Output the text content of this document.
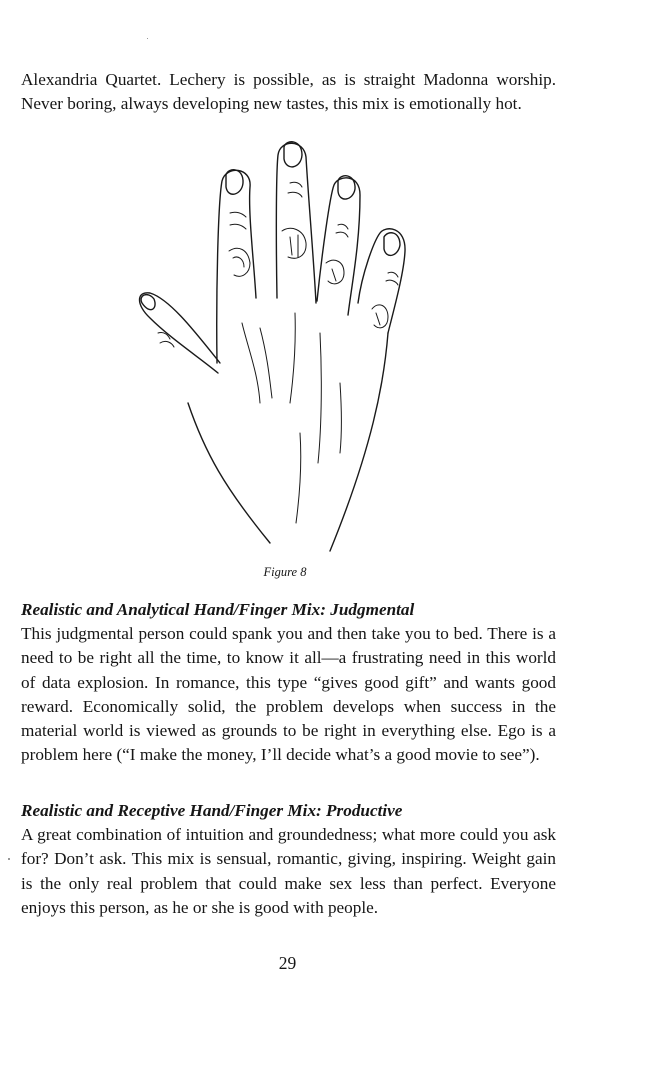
Alexandria Quartet. Lechery is possible, as is straight Madonna worship. Never boring, always developing new tastes, this mix is emotionally hot.

Figure 8

Realistic and Analytical Hand/Finger Mix: Judgmental

This judgmental person could spank you and then take you to bed. There is a need to be right all the time, to know it all—a frustrating need in this world of data explosion. In romance, this type “gives good gift” and wants good reward. Economically solid, the problem develops when success in the material world is viewed as grounds to be right in everything else. Ego is a problem here (“I make the money, I’ll decide what’s a good movie to see”).

Realistic and Receptive Hand/Finger Mix: Productive

A great combination of intuition and groundedness; what more could you ask for? Don’t ask. This mix is sensual, romantic, giving, inspiring. Weight gain is the only real problem that could make sex less than perfect. Everyone enjoys this person, as he or she is good with people.

29
